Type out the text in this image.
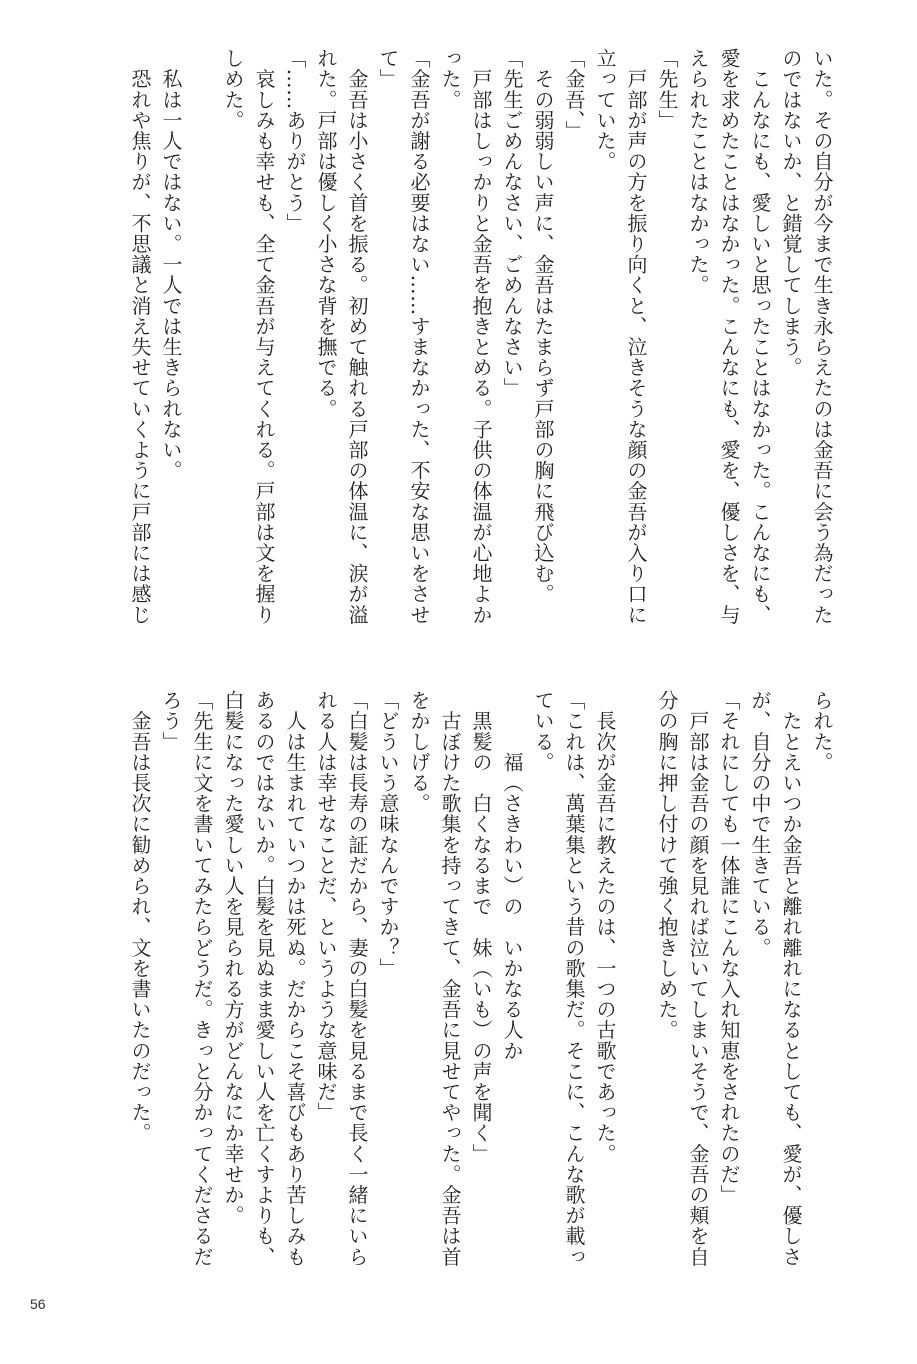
いた。その自分が今まで生き永らえたのは金吾に会う為だった
のではないか、と錯覚してしまう。
　こんなにも、愛しいと思ったことはなかった。こんなにも、
愛を求めたことはなかった。こんなにも、愛を、優しさを、与
えられたことはなかった。
「先生」
　戸部が声の方を振り向くと、泣きそうな顔の金吾が入り口に
立っていた。
「金吾、」
　その弱弱しい声に、金吾はたまらず戸部の胸に飛び込む。
「先生ごめんなさい、ごめんなさい」
　戸部はしっかりと金吾を抱きとめる。子供の体温が心地よか
った。
「金吾が謝る必要はない……すまなかった、不安な思いをさせ
て」
　金吾は小さく首を振る。初めて触れる戸部の体温に、涙が溢
れた。戸部は優しく小さな背を撫でる。
「……ありがとう」
　哀しみも幸せも、全て金吾が与えてくれる。戸部は文を握り
しめた。
　私は一人ではない。一人では生きられない。
　恐れや焦りが、不思議と消え失せていくように戸部には感じ
られた。
　たとえいつか金吾と離れ離れになるとしても、愛が、優しさ
が、自分の中で生きている。
「それにしても一体誰にこんな入れ知恵をされたのだ」
　戸部は金吾の顔を見れば泣いてしまいそうで、金吾の頬を自
分の胸に押し付けて強く抱きしめた。
　長次が金吾に教えたのは、一つの古歌であった。
「これは、萬葉集という昔の歌集だ。そこに、こんな歌が載っ
ている。
　　　福（さきわい）の　いかなる人か
　黒髪の　白くなるまで　妹（いも）の声を聞く」
　古ぼけた歌集を持ってきて、金吾に見せてやった。金吾は首
をかしげる。
「どういう意味なんですか？」
「白髪は長寿の証だから、妻の白髪を見るまで長く一緒にいら
れる人は幸せなことだ、というような意味だ」
　人は生まれていつかは死ぬ。だからこそ喜びもあり苦しみも
あるのではないか。白髪を見ぬまま愛しい人を亡くすよりも、
白髪になった愛しい人を見られる方がどんなにか幸せか。
「先生に文を書いてみたらどうだ。きっと分かってくださるだ
ろう」
　金吾は長次に勧められ、文を書いたのだった。
56
